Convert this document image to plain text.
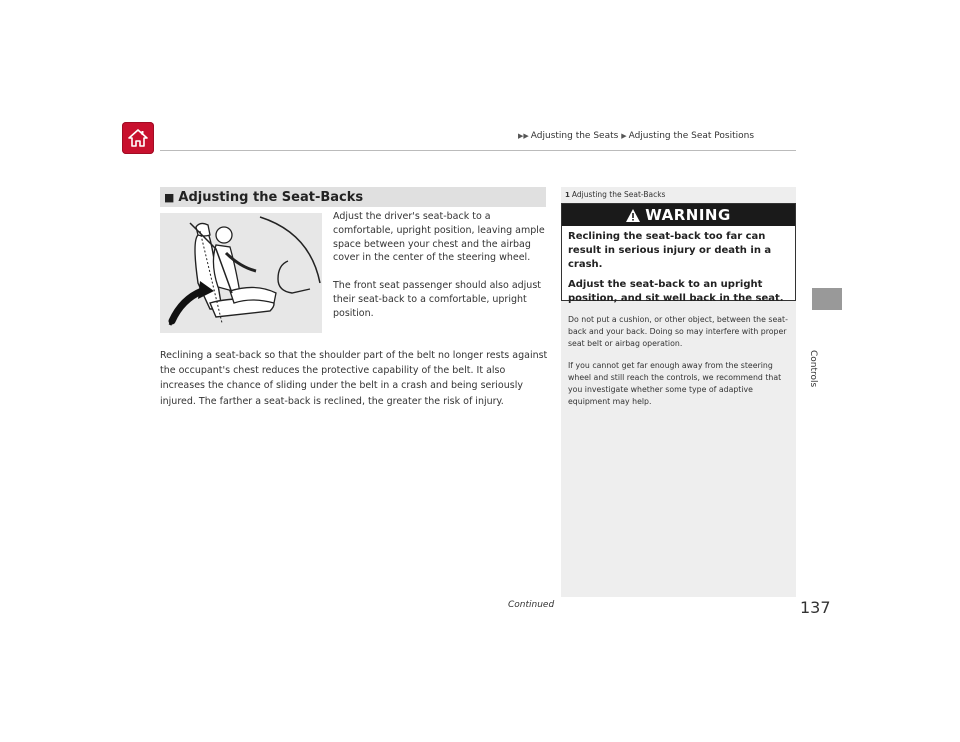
▶▶ Adjusting the Seats ▶ Adjusting the Seat Positions
Controls
■ Adjusting the Seat-Backs

Adjust the driver's seat-back to a comfortable, upright position, leaving ample space between your chest and the airbag cover in the center of the steering wheel.

The front seat passenger should also adjust their seat-back to a comfortable, upright position.

Reclining a seat-back so that the shoulder part of the belt no longer rests against the occupant's chest reduces the protective capability of the belt. It also increases the chance of sliding under the belt in a crash and being seriously injured. The farther a seat-back is reclined, the greater the risk of injury.
1 Adjusting the Seat-Backs
WARNING

Reclining the seat-back too far can result in serious injury or death in a crash.

Adjust the seat-back to an upright position, and sit well back in the seat.

Do not put a cushion, or other object, between the seat-back and your back. Doing so may interfere with proper seat belt or airbag operation.

If you cannot get far enough away from the steering wheel and still reach the controls, we recommend that you investigate whether some type of adaptive equipment may help.

Continued	137
